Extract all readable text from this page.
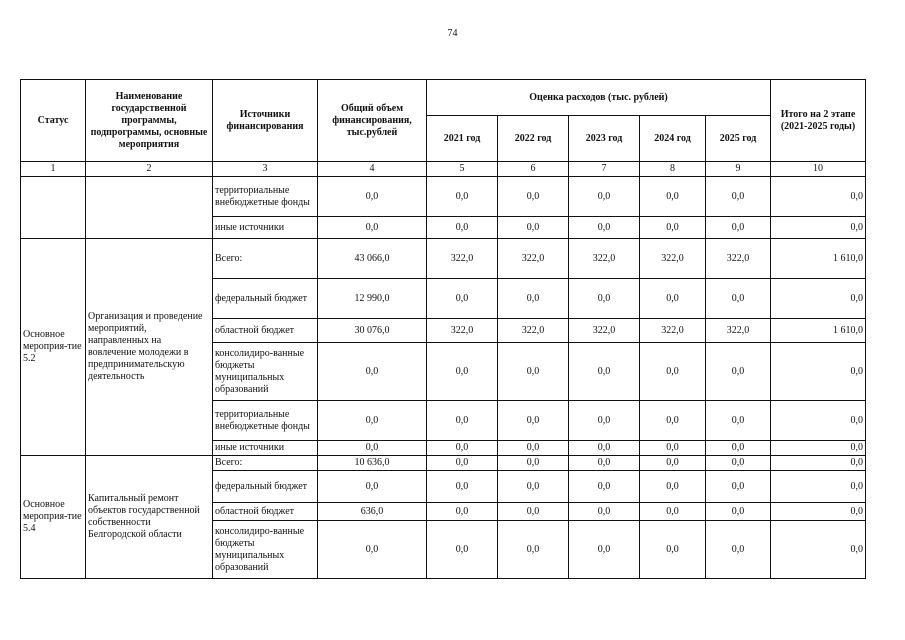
74
Статус	Наименование государственной программы, подпрограммы, основные мероприятия	Источники финансирования	Общий объем финансирования, тыс.рублей	Оценка расходов (тыс. рублей)					Итого на 2 этапе (2021-2025 годы)
				2021 год	2022 год	2023 год	2024 год	2025 год	
1	2	3	4	5	6	7	8	9	10
		территориальные внебюджетные фонды	0,0	0,0	0,0	0,0	0,0	0,0	0,0
		иные источники	0,0	0,0	0,0	0,0	0,0	0,0	0,0
Основное мероприя-тие 5.2	Организация и проведение мероприятий, направленных на вовлечение молодежи в предпринимательскую деятельность	Всего:	43 066,0	322,0	322,0	322,0	322,0	322,0	1 610,0
		федеральный бюджет	12 990,0	0,0	0,0	0,0	0,0	0,0	0,0
		областной бюджет	30 076,0	322,0	322,0	322,0	322,0	322,0	1 610,0
		консолидиро-ванные бюджеты муниципальных образований	0,0	0,0	0,0	0,0	0,0	0,0	0,0
		территориальные внебюджетные фонды	0,0	0,0	0,0	0,0	0,0	0,0	0,0
		иные источники	0,0	0,0	0,0	0,0	0,0	0,0	0,0
Основное мероприя-тие 5.4	Капитальный ремонт объектов государственной собственности Белгородской области	Всего:	10 636,0	0,0	0,0	0,0	0,0	0,0	0,0
		федеральный бюджет	0,0	0,0	0,0	0,0	0,0	0,0	0,0
		областной бюджет	636,0	0,0	0,0	0,0	0,0	0,0	0,0
		консолидиро-ванные бюджеты муниципальных образований	0,0	0,0	0,0	0,0	0,0	0,0	0,0
